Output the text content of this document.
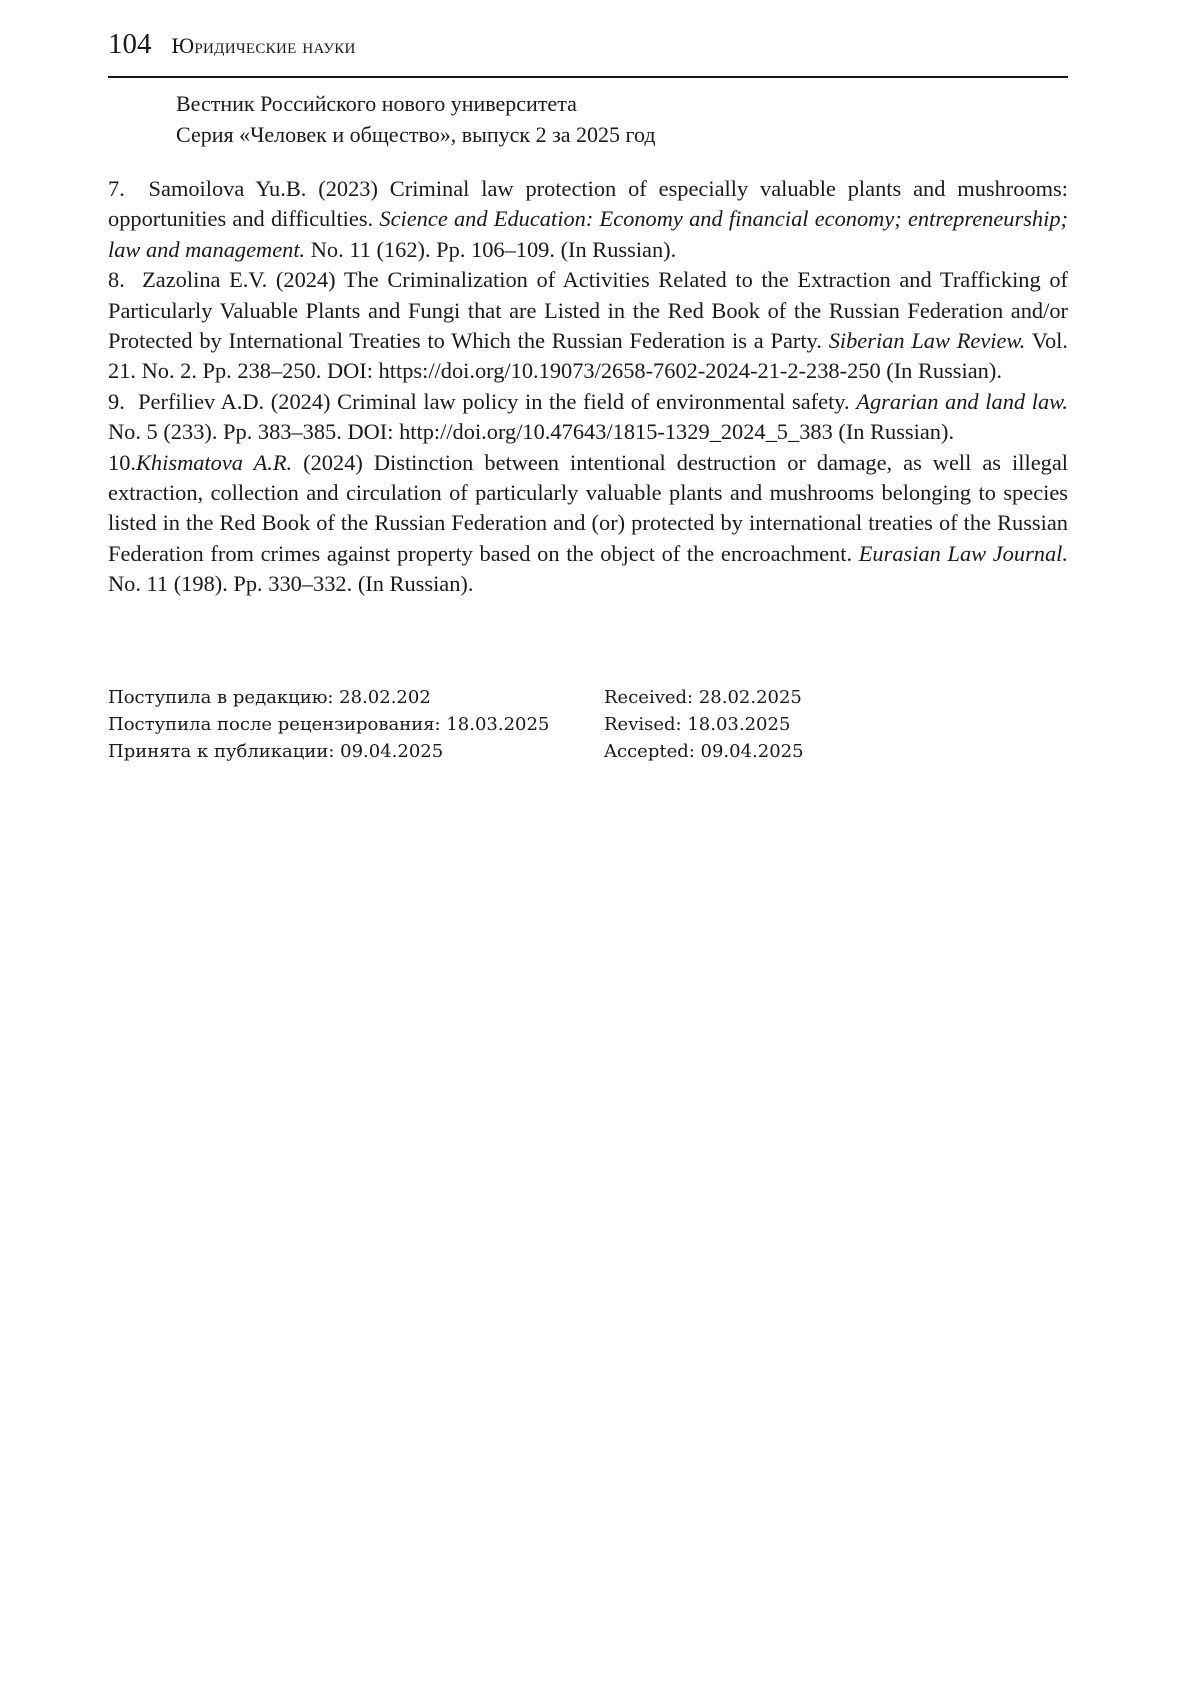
104 Юридические науки
Вестник Российского нового университета
Серия «Человек и общество», выпуск 2 за 2025 год

7. Samoilova Yu.B. (2023) Criminal law protection of especially valuable plants and mushrooms: opportunities and difficulties. Science and Education: Economy and financial economy; entrepreneurship; law and management. No. 11 (162). Pp. 106–109. (In Russian).

8. Zazolina E.V. (2024) The Criminalization of Activities Related to the Extraction and Trafficking of Particularly Valuable Plants and Fungi that are Listed in the Red Book of the Russian Federation and/or Protected by International Treaties to Which the Russian Federation is a Party. Siberian Law Review. Vol. 21. No. 2. Pp. 238–250. DOI: https://doi.org/10.19073/2658-7602-2024-21-2-238-250 (In Russian).

9. Perfiliev A.D. (2024) Criminal law policy in the field of environmental safety. Agrarian and land law. No. 5 (233). Pp. 383–385. DOI: http://doi.org/10.47643/1815-1329_2024_5_383 (In Russian).

10.Khismatova A.R. (2024) Distinction between intentional destruction or damage, as well as illegal extraction, collection and circulation of particularly valuable plants and mushrooms belonging to species listed in the Red Book of the Russian Federation and (or) protected by international treaties of the Russian Federation from crimes against property based on the object of the encroachment. Eurasian Law Journal. No. 11 (198). Pp. 330–332. (In Russian).

Поступила в редакцию: 28.02.202
Поступила после рецензирования: 18.03.2025
Принята к публикации: 09.04.2025
Received: 28.02.2025
Revised: 18.03.2025
Accepted: 09.04.2025
